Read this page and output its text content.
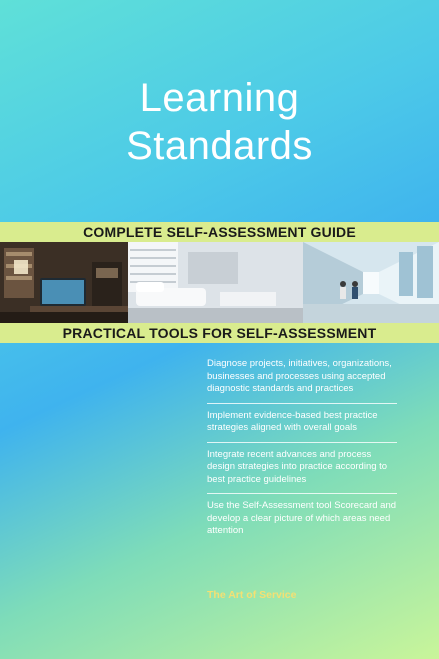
Learning
Standards
COMPLETE SELF-ASSESSMENT GUIDE
PRACTICAL TOOLS FOR SELF-ASSESSMENT
Diagnose projects, initiatives, organizations, businesses and processes using accepted diagnostic standards and practices
Implement evidence-based best practice strategies aligned with overall goals
Integrate recent advances and process design strategies into practice according to best practice guidelines
Use the Self-Assessment tool Scorecard and develop a clear picture of which areas need attention
The Art of Service
